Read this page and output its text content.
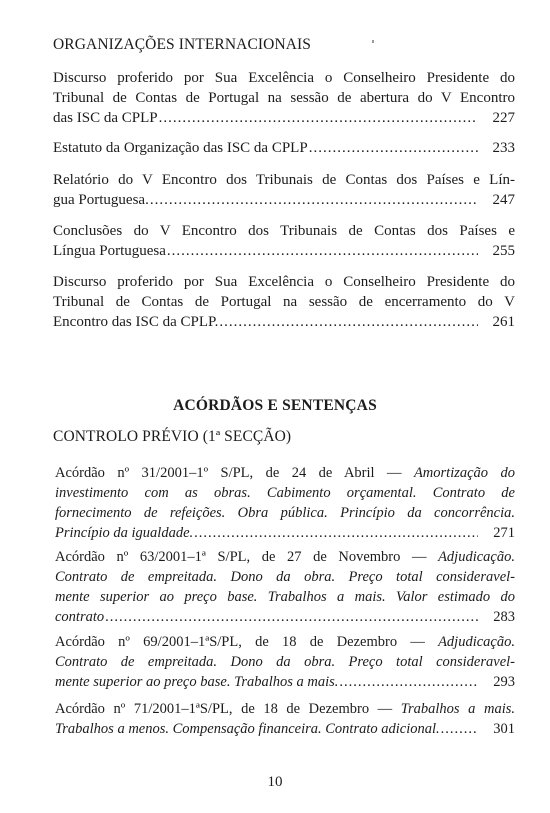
ORGANIZAÇÕES INTERNACIONAIS
Discurso proferido por Sua Excelência o Conselheiro Presidente do
Tribunal de Contas de Portugal na sessão de abertura do V Encontro
das ISC da CPLP .....	227
Estatuto da Organização das ISC da CPLP .....	233
Relatório do V Encontro dos Tribunais de Contas dos Países e Lín-
gua Portuguesa. .....	247
Conclusões do V Encontro dos Tribunais de Contas dos Países e
Língua Portuguesa .....	255
Discurso proferido por Sua Excelência o Conselheiro Presidente do
Tribunal de Contas de Portugal na sessão de encerramento do V
Encontro das ISC da CPLP. .....	261
ACÓRDÃOS E SENTENÇAS
CONTROLO PRÉVIO (1ª SECÇÃO)
Acórdão nº 31/2001–1º S/PL, de 24 de Abril — Amortização do
investimento com as obras. Cabimento orçamental. Contrato de
fornecimento de refeições. Obra pública. Princípio da concorrência.
Princípio da igualdade. .....	271
Acórdão nº 63/2001–1ª S/PL, de 27 de Novembro — Adjudicação.
Contrato de empreitada. Dono da obra. Preço total consideravel-
mente superior ao preço base. Trabalhos a mais. Valor estimado do
contrato .....	283
Acórdão nº 69/2001–1ªS/PL, de 18 de Dezembro — Adjudicação.
Contrato de empreitada. Dono da obra. Preço total consideravel-
mente superior ao preço base. Trabalhos a mais. .....	293
Acórdão nº 71/2001–1ªS/PL, de 18 de Dezembro — Trabalhos a mais.
Trabalhos a menos. Compensação financeira. Contrato adicional. .....	301
10
